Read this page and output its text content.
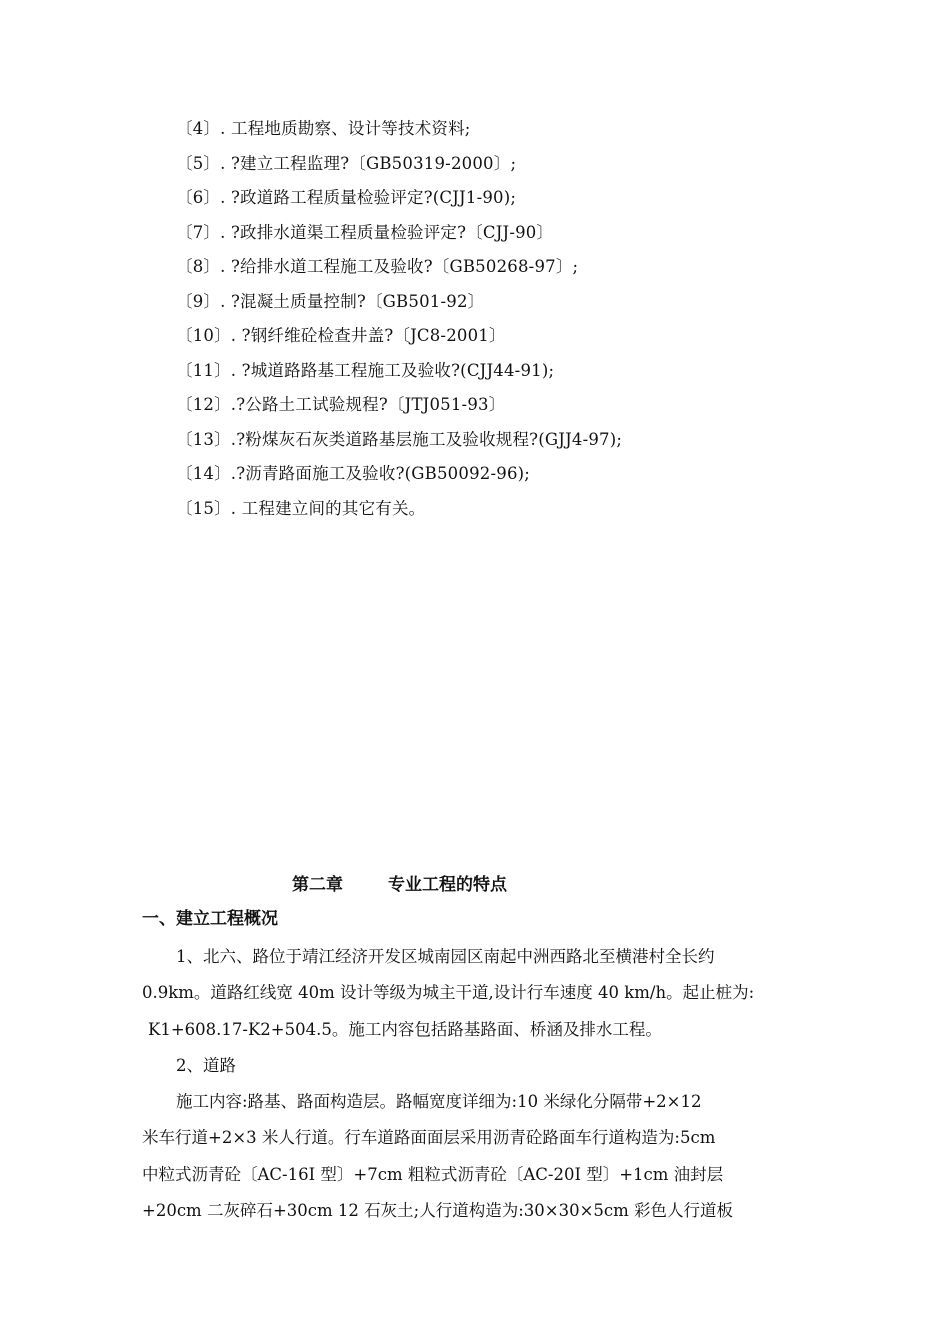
〔4〕. 工程地质勘察、设计等技术资料;
〔5〕. ?建立工程监理?〔GB50319-2000〕;
〔6〕. ?政道路工程质量检验评定?(CJJ1-90);
〔7〕. ?政排水道渠工程质量检验评定?〔CJJ-90〕
〔8〕. ?给排水道工程施工及验收?〔GB50268-97〕;
〔9〕. ?混凝土质量控制?〔GB501-92〕
〔10〕. ?钢纤维砼检查井盖?〔JC8-2001〕
〔11〕. ?城道路路基工程施工及验收?(CJJ44-91);
〔12〕.?公路土工试验规程?〔JTJ051-93〕
〔13〕.?粉煤灰石灰类道路基层施工及验收规程?(GJJ4-97);
〔14〕.?沥青路面施工及验收?(GB50092-96);
〔15〕. 工程建立间的其它有关。
第二章	专业工程的特点
一、建立工程概况

1、北六、路位于靖江经济开发区城南园区南起中洲西路北至横港村全长约

0.9km。道路红线宽 40m 设计等级为城主干道,设计行车速度 40 km/h。起止桩为:

K1+608.17-K2+504.5。施工内容包括路基路面、桥涵及排水工程。

2、道路

施工内容:路基、路面构造层。路幅宽度详细为:10 米绿化分隔带+2×12

米车行道+2×3 米人行道。行车道路面面层采用沥青砼路面车行道构造为:5cm

中粒式沥青砼〔AC-16Ⅰ 型〕+7cm 粗粒式沥青砼〔AC-20Ⅰ 型〕+1cm 油封层

+20cm 二灰碎石+30cm 12 石灰土;人行道构造为:30×30×5cm 彩色人行道板
